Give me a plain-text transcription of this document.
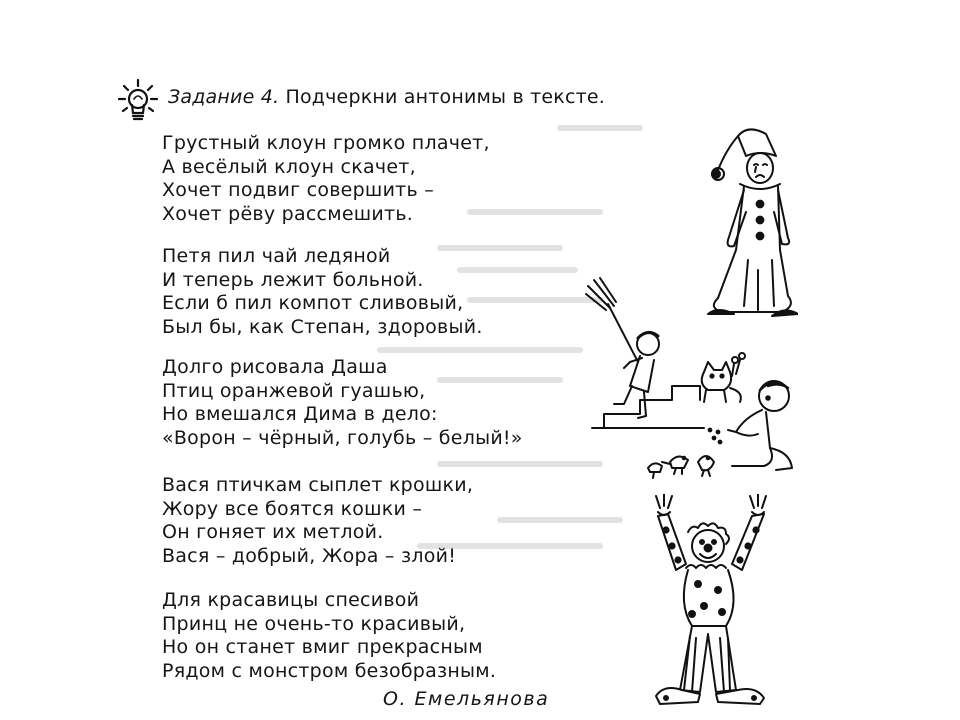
Задание 4. Подчеркни антонимы в тексте.
Грустный клоун громко плачет,
А весёлый клоун скачет,
Хочет подвиг совершить –
Хочет рёву рассмешить.
Петя пил чай ледяной
И теперь лежит больной.
Если б пил компот сливовый,
Был бы, как Степан, здоровый.
Долго рисовала Даша
Птиц оранжевой гуашью,
Но вмешался Дима в дело:
«Ворон – чёрный, голубь – белый!»
Вася птичкам сыплет крошки,
Жору все боятся кошки –
Он гоняет их метлой.
Вася – добрый, Жора – злой!
Для красавицы спесивой
Принц не очень-то красивый,
Но он станет вмиг прекрасным
Рядом с монстром безобразным.
О. Емельянова
